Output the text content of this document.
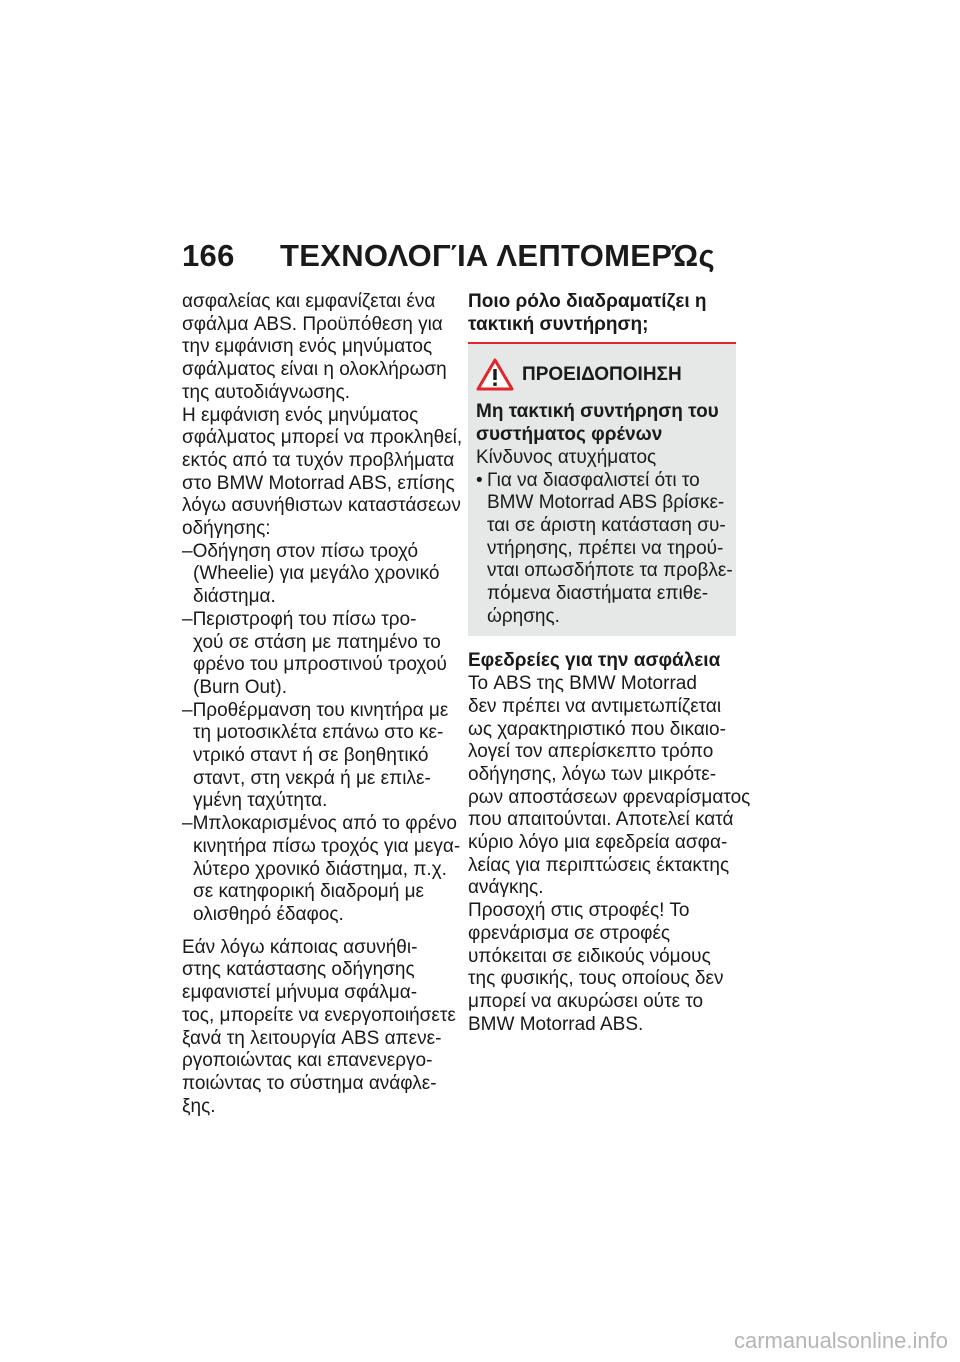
166 ΤΕΧΝΟΛΟΓΊΑ ΛΕΠΤΟΜΕΡΏς
ασφαλείας και εμφανίζεται ένα
σφάλμα ABS. Προϋπόθεση για
την εμφάνιση ενός μηνύματος
σφάλματος είναι η ολοκλήρωση
της αυτοδιάγνωσης.
Η εμφάνιση ενός μηνύματος
σφάλματος μπορεί να προκληθεί,
εκτός από τα τυχόν προβλήματα
στο BMW Motorrad ABS, επίσης
λόγω ασυνήθιστων καταστάσεων
οδήγησης:
–Οδήγηση στον πίσω τροχό
(Wheelie) για μεγάλο χρονικό
διάστημα.
–Περιστροφή του πίσω τρο-
χού σε στάση με πατημένο το
φρένο του μπροστινού τροχού
(Burn Out).
–Προθέρμανση του κινητήρα με
τη μοτοσικλέτα επάνω στο κε-
ντρικό σταντ ή σε βοηθητικό
σταντ, στη νεκρά ή με επιλε-
γμένη ταχύτητα.
–Μπλοκαρισμένος από το φρένο
κινητήρα πίσω τροχός για μεγα-
λύτερο χρονικό διάστημα, π.χ.
σε κατηφορική διαδρομή με
ολισθηρό έδαφος.
Εάν λόγω κάποιας ασυνήθι-
στης κατάστασης οδήγησης
εμφανιστεί μήνυμα σφάλμα-
τος, μπορείτε να ενεργοποιήσετε
ξανά τη λειτουργία ABS απενε-
ργοποιώντας και επανενεργο-
ποιώντας το σύστημα ανάφλε-
ξης.
Ποιο ρόλο διαδραματίζει η
τακτική συντήρηση;
ΠΡΟΕΙΔΟΠΟΙΗΣΗ
Μη τακτική συντήρηση του
συστήματος φρένων
Κίνδυνος ατυχήματος
• Για να διασφαλιστεί ότι το
BMW Motorrad ABS βρίσκε-
ται σε άριστη κατάσταση συ-
ντήρησης, πρέπει να τηρού-
νται οπωσδήποτε τα προβλε-
πόμενα διαστήματα επιθε-
ώρησης.
Εφεδρείες για την ασφάλεια
Το ABS της BMW Motorrad
δεν πρέπει να αντιμετωπίζεται
ως χαρακτηριστικό που δικαιο-
λογεί τον απερίσκεπτο τρόπο
οδήγησης, λόγω των μικρότε-
ρων αποστάσεων φρεναρίσματος
που απαιτούνται. Αποτελεί κατά
κύριο λόγο μια εφεδρεία ασφα-
λείας για περιπτώσεις έκτακτης
ανάγκης.
Προσοχή στις στροφές! Το
φρενάρισμα σε στροφές
υπόκειται σε ειδικούς νόμους
της φυσικής, τους οποίους δεν
μπορεί να ακυρώσει ούτε το
BMW Motorrad ABS.
carmanualsonline.info
